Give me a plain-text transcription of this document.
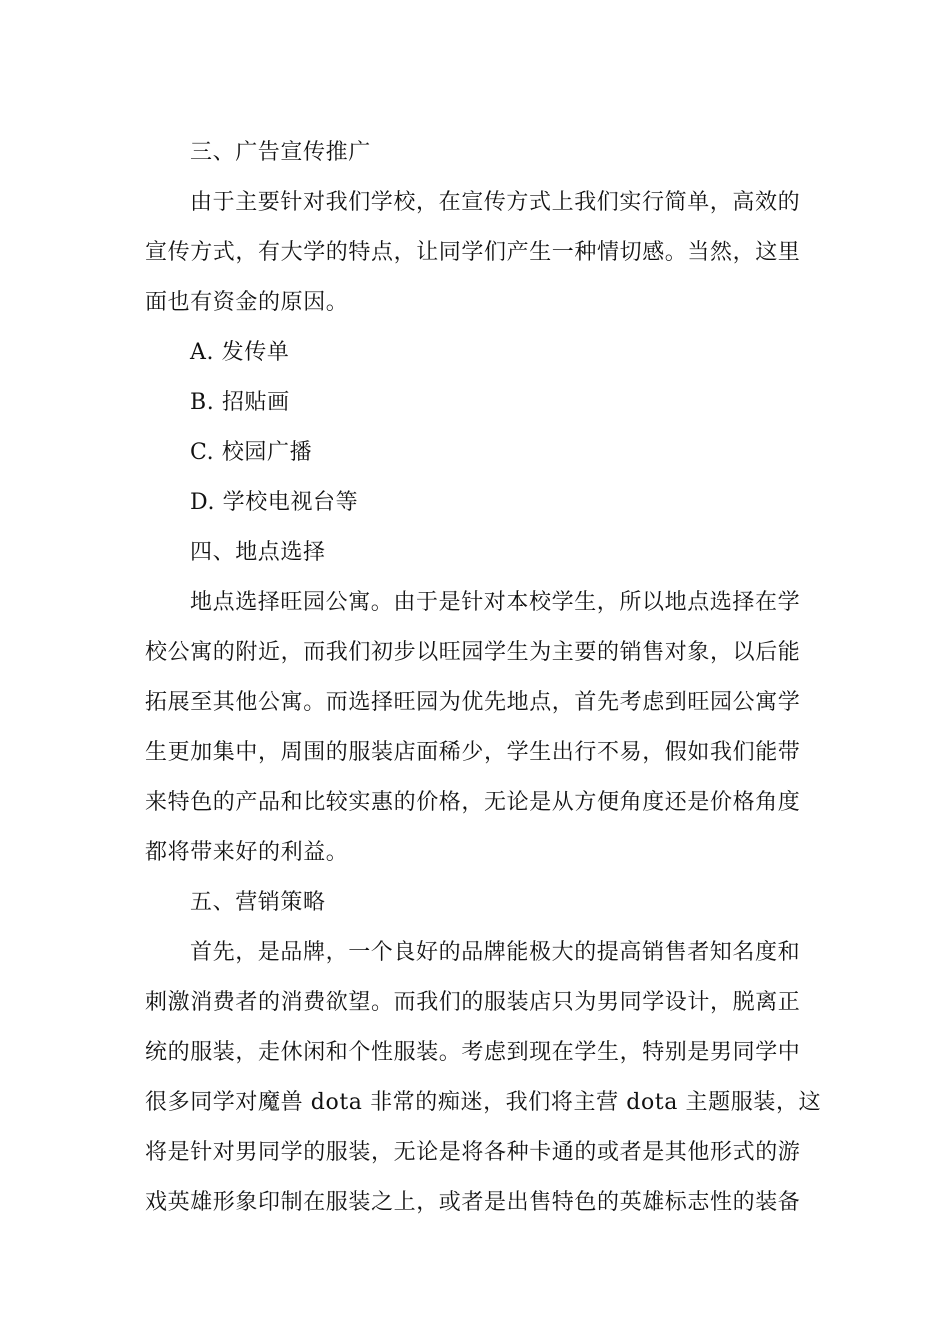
三、广告宣传推广
由于主要针对我们学校，在宣传方式上我们实行简单，高效的
宣传方式，有大学的特点，让同学们产生一种情切感。当然，这里
面也有资金的原因。
A. 发传单
B. 招贴画
C. 校园广播
D. 学校电视台等
四、地点选择
地点选择旺园公寓。由于是针对本校学生，所以地点选择在学
校公寓的附近，而我们初步以旺园学生为主要的销售对象，以后能
拓展至其他公寓。而选择旺园为优先地点，首先考虑到旺园公寓学
生更加集中，周围的服装店面稀少，学生出行不易，假如我们能带
来特色的产品和比较实惠的价格，无论是从方便角度还是价格角度
都将带来好的利益。
五、营销策略
首先，是品牌，一个良好的品牌能极大的提高销售者知名度和
刺激消费者的消费欲望。而我们的服装店只为男同学设计，脱离正
统的服装，走休闲和个性服装。考虑到现在学生，特别是男同学中
很多同学对魔兽 dota 非常的痴迷，我们将主营 dota 主题服装，这
将是针对男同学的服装，无论是将各种卡通的或者是其他形式的游
戏英雄形象印制在服装之上，或者是出售特色的英雄标志性的装备
